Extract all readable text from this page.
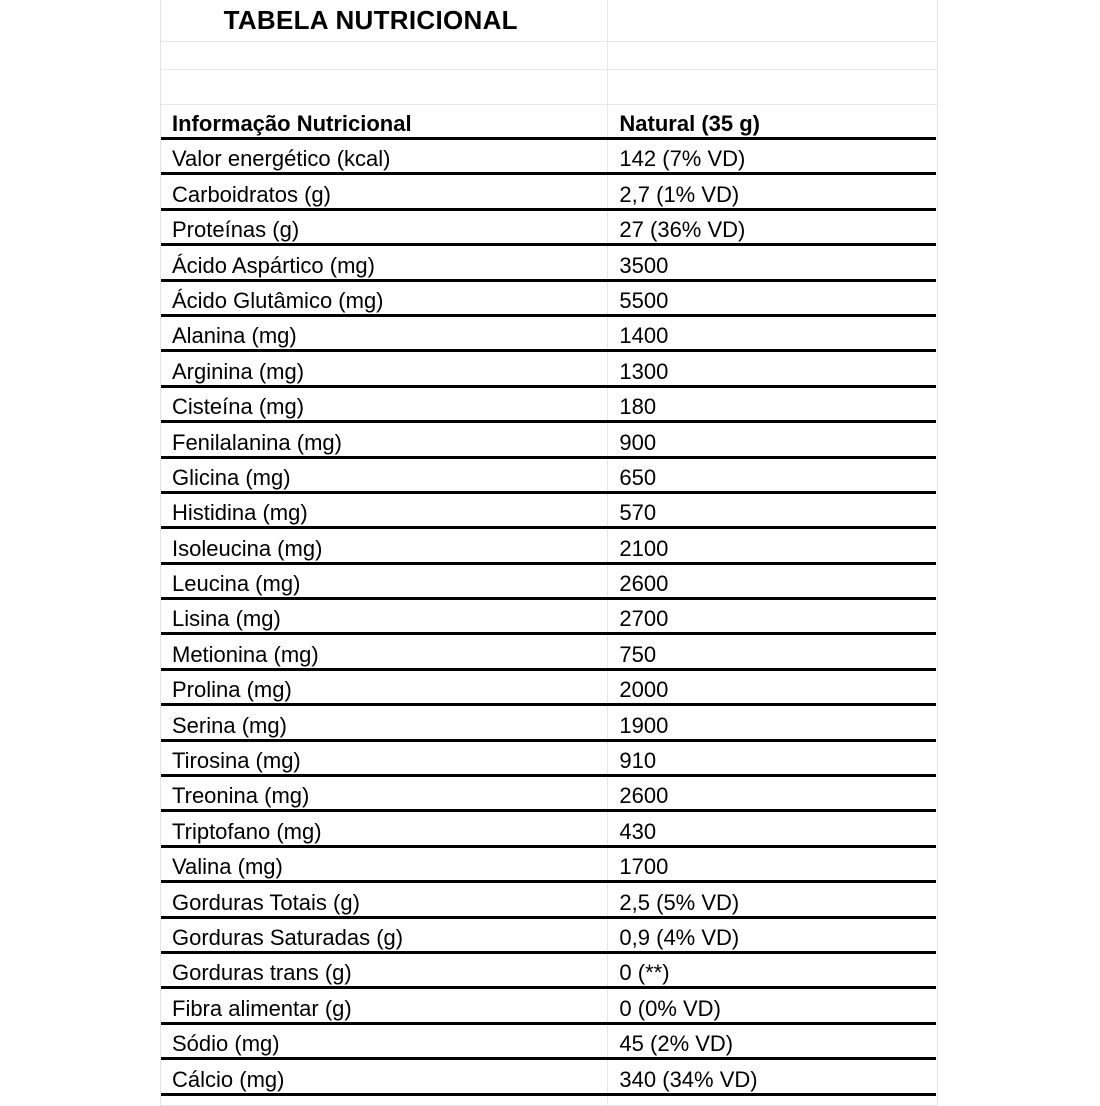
TABELA NUTRICIONAL
Informação Nutricional	Natural (35 g)
Valor energético (kcal)	142 (7% VD)
Carboidratos (g)	2,7 (1% VD)
Proteínas (g)	27 (36% VD)
Ácido Aspártico (mg)	3500
Ácido Glutâmico (mg)	5500
Alanina (mg)	1400
Arginina (mg)	1300
Cisteína (mg)	180
Fenilalanina (mg)	900
Glicina (mg)	650
Histidina (mg)	570
Isoleucina (mg)	2100
Leucina (mg)	2600
Lisina (mg)	2700
Metionina (mg)	750
Prolina (mg)	2000
Serina (mg)	1900
Tirosina (mg)	910
Treonina (mg)	2600
Triptofano (mg)	430
Valina (mg)	1700
Gorduras Totais (g)	2,5 (5% VD)
Gorduras Saturadas (g)	0,9 (4% VD)
Gorduras trans (g)	0 (**)
Fibra alimentar (g)	0 (0% VD)
Sódio (mg)	45 (2% VD)
Cálcio (mg)	340 (34% VD)
